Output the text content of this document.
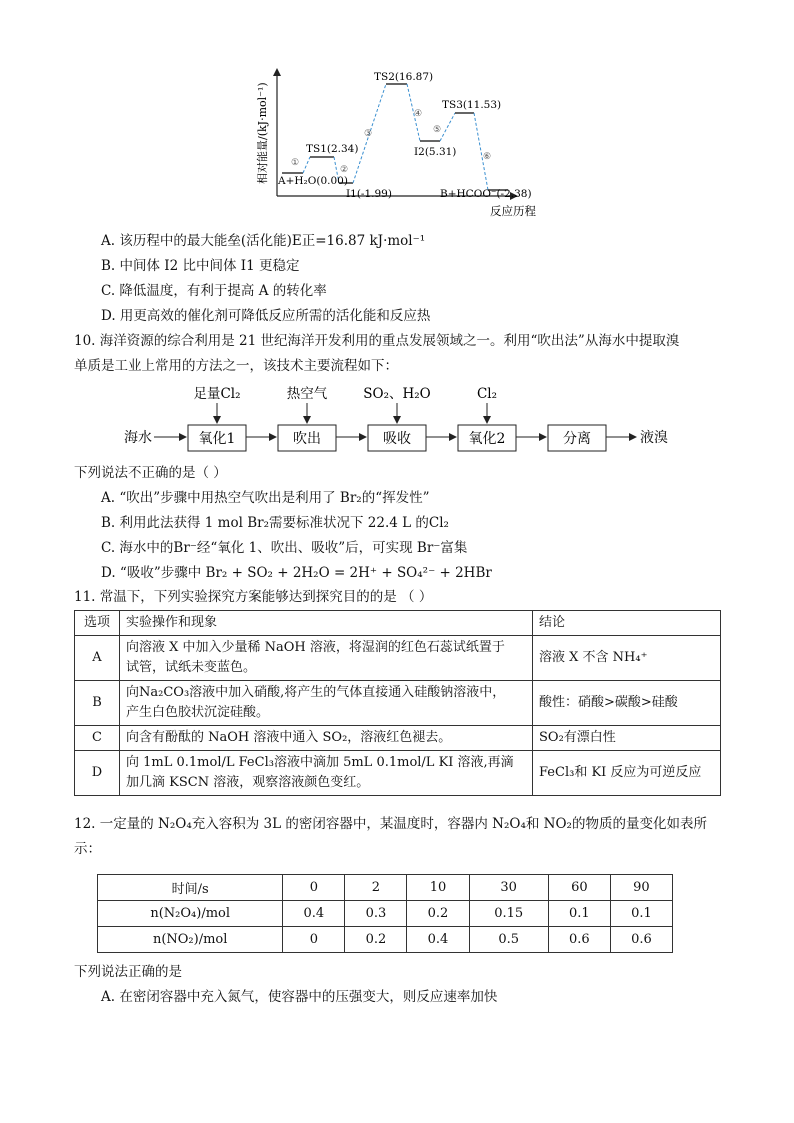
相对能量/(kJ·mol⁻¹) A+H₂O(0.00)
TS1(2.34)
I1(-1.99)
TS2(16.87)
I2(5.31)
TS3(11.53)
B+HCOO⁻(-2.38)
①
②
③
④
⑤
⑥
反应历程
A. 该历程中的最大能垒(活化能)E正=16.87 kJ·mol⁻¹
B. 中间体 I2 比中间体 I1 更稳定
C. 降低温度，有利于提高 A 的转化率
D. 用更高效的催化剂可降低反应所需的活化能和反应热
10. 海洋资源的综合利用是 21 世纪海洋开发利用的重点发展领域之一。利用“吹出法”从海水中提取溴
单质是工业上常用的方法之一，该技术主要流程如下：
海水	氧化1	吹出	吸收	氧化2	分离	液溴
足量Cl₂	热空气	SO₂、H₂O	Cl₂
下列说法不正确的是（ ）
A. “吹出”步骤中用热空气吹出是利用了 Br₂的“挥发性”
B. 利用此法获得 1 mol Br₂需要标准状况下 22.4 L 的Cl₂
C. 海水中的Br⁻经“氧化 1、吹出、吸收”后，可实现 Br⁻富集
D. “吸收”步骤中 Br₂ + SO₂ + 2H₂O = 2H⁺ + SO₄²⁻ + 2HBr
11. 常温下，下列实验探究方案能够达到探究目的的是 （ ）
选项	实验操作和现象	结论
A	向溶液 X 中加入少量稀 NaOH 溶液，将湿润的红色石蕊试纸置于
试管，试纸未变蓝色。	溶液 X 不含 NH₄⁺
B	向Na₂CO₃溶液中加入硝酸,将产生的气体直接通入硅酸钠溶液中，
产生白色胶状沉淀硅酸。	酸性：硝酸>碳酸>硅酸
C	向含有酚酞的 NaOH 溶液中通入 SO₂，溶液红色褪去。	SO₂有漂白性
D	向 1mL 0.1mol/L FeCl₃溶液中滴加 5mL 0.1mol/L KI 溶液,再滴
加几滴 KSCN 溶液，观察溶液颜色变红。	FeCl₃和 KI 反应为可逆反应
12. 一定量的 N₂O₄充入容积为 3L 的密闭容器中，某温度时，容器内 N₂O₄和 NO₂的物质的量变化如表所
示：
时间/s	0	2	10	30	60	90
n(N₂O₄)/mol	0.4	0.3	0.2	0.15	0.1	0.1
n(NO₂)/mol	0	0.2	0.4	0.5	0.6	0.6
下列说法正确的是
A. 在密闭容器中充入氮气，使容器中的压强变大，则反应速率加快
